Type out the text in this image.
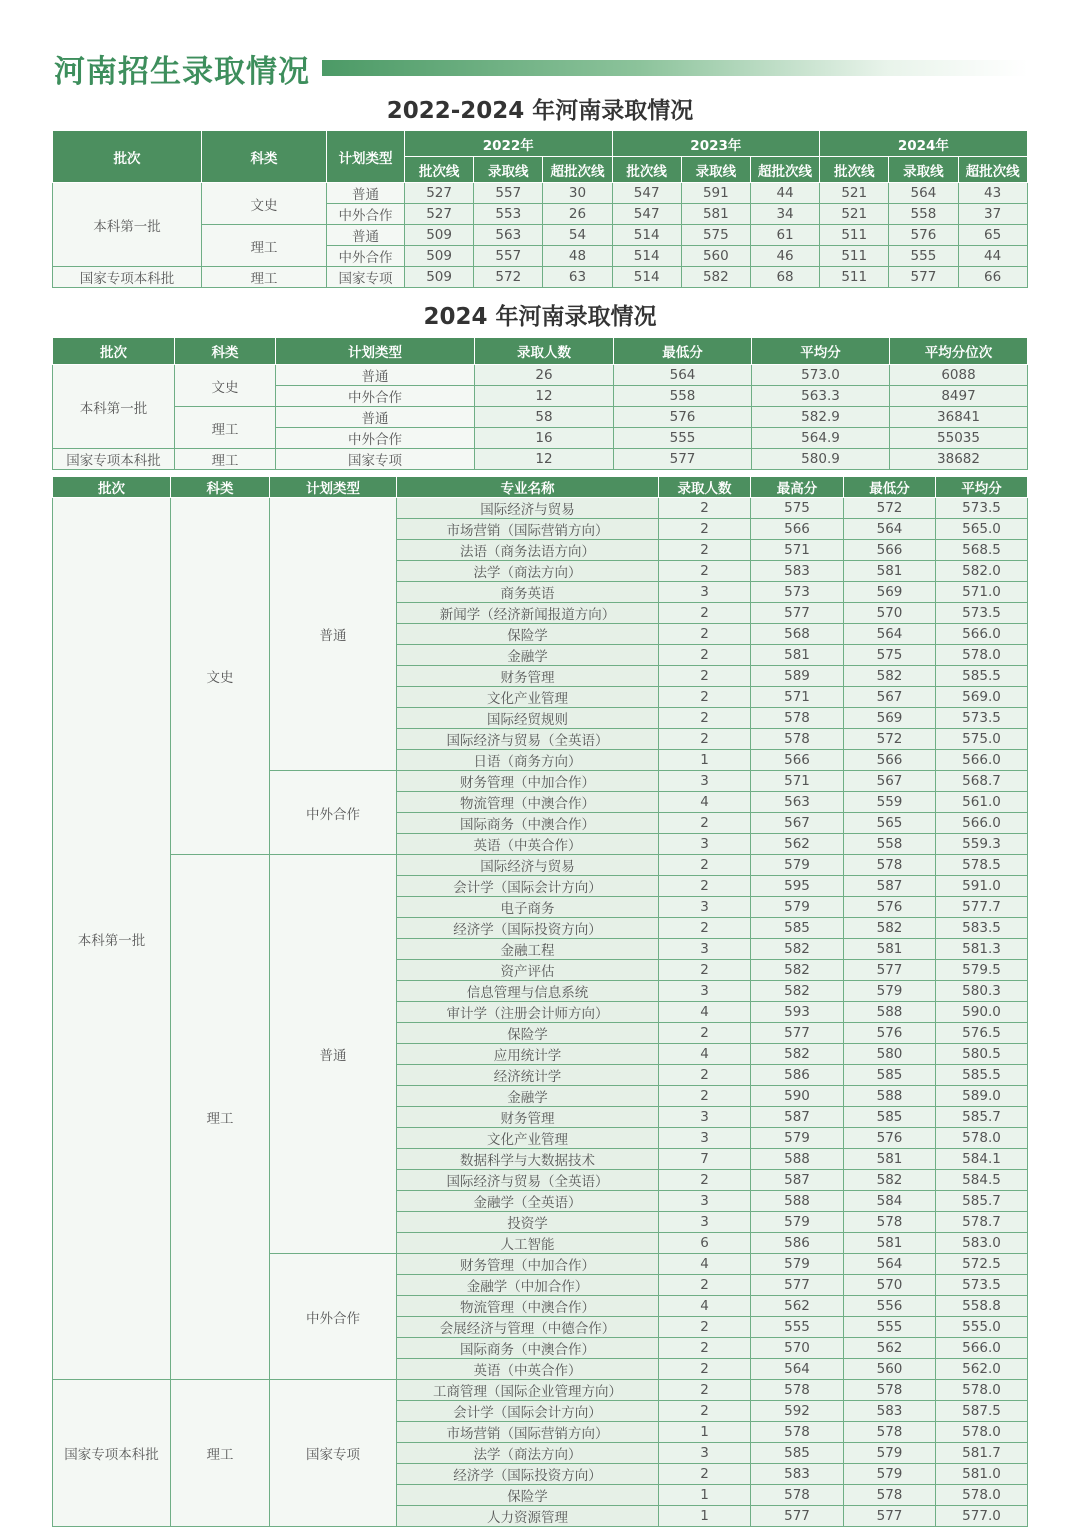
河南招生录取情况
2022-2024 年河南录取情况
批次	科类	计划类型	2022年			2023年			2024年		
			批次线	录取线	超批次线	批次线	录取线	超批次线	批次线	录取线	超批次线
本科第一批	文史	普通	527	557	30	547	591	44	521	564	43
		中外合作	527	553	26	547	581	34	521	558	37
	理工	普通	509	563	54	514	575	61	511	576	65
		中外合作	509	557	48	514	560	46	511	555	44
国家专项本科批	理工	国家专项	509	572	63	514	582	68	511	577	66
2024 年河南录取情况
批次	科类	计划类型	录取人数	最低分	平均分	平均分位次
本科第一批	文史	普通	26	564	573.0	6088
		中外合作	12	558	563.3	8497
	理工	普通	58	576	582.9	36841
		中外合作	16	555	564.9	55035
国家专项本科批	理工	国家专项	12	577	580.9	38682
批次	科类	计划类型	专业名称	录取人数	最高分	最低分	平均分
本科第一批	文史	普通	国际经济与贸易	2	575	572	573.5
			市场营销（国际营销方向）	2	566	564	565.0
			法语（商务法语方向）	2	571	566	568.5
			法学（商法方向）	2	583	581	582.0
			商务英语	3	573	569	571.0
			新闻学（经济新闻报道方向）	2	577	570	573.5
			保险学	2	568	564	566.0
			金融学	2	581	575	578.0
			财务管理	2	589	582	585.5
			文化产业管理	2	571	567	569.0
			国际经贸规则	2	578	569	573.5
			国际经济与贸易（全英语）	2	578	572	575.0
			日语（商务方向）	1	566	566	566.0
		中外合作	财务管理（中加合作）	3	571	567	568.7
			物流管理（中澳合作）	4	563	559	561.0
			国际商务（中澳合作）	2	567	565	566.0
			英语（中英合作）	3	562	558	559.3
	理工	普通	国际经济与贸易	2	579	578	578.5
			会计学（国际会计方向）	2	595	587	591.0
			电子商务	3	579	576	577.7
			经济学（国际投资方向）	2	585	582	583.5
			金融工程	3	582	581	581.3
			资产评估	2	582	577	579.5
			信息管理与信息系统	3	582	579	580.3
			审计学（注册会计师方向）	4	593	588	590.0
			保险学	2	577	576	576.5
			应用统计学	4	582	580	580.5
			经济统计学	2	586	585	585.5
			金融学	2	590	588	589.0
			财务管理	3	587	585	585.7
			文化产业管理	3	579	576	578.0
			数据科学与大数据技术	7	588	581	584.1
			国际经济与贸易（全英语）	2	587	582	584.5
			金融学（全英语）	3	588	584	585.7
			投资学	3	579	578	578.7
			人工智能	6	586	581	583.0
		中外合作	财务管理（中加合作）	4	579	564	572.5
			金融学（中加合作）	2	577	570	573.5
			物流管理（中澳合作）	4	562	556	558.8
			会展经济与管理（中德合作）	2	555	555	555.0
			国际商务（中澳合作）	2	570	562	566.0
			英语（中英合作）	2	564	560	562.0
国家专项本科批	理工	国家专项	工商管理（国际企业管理方向）	2	578	578	578.0
			会计学（国际会计方向）	2	592	583	587.5
			市场营销（国际营销方向）	1	578	578	578.0
			法学（商法方向）	3	585	579	581.7
			经济学（国际投资方向）	2	583	579	581.0
			保险学	1	578	578	578.0
			人力资源管理	1	577	577	577.0
